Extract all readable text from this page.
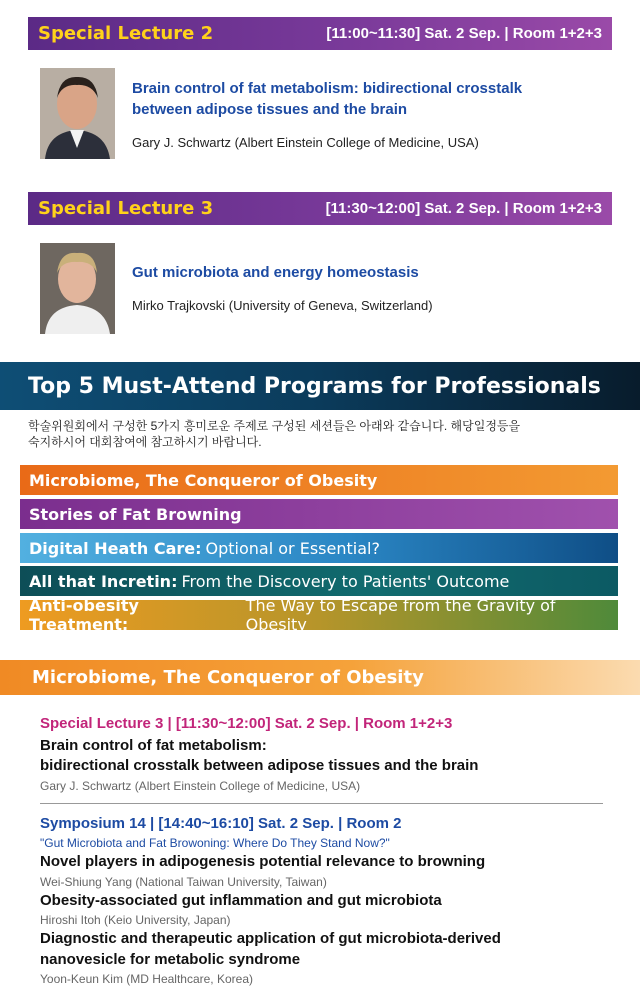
Special Lecture 2	[11:00~11:30] Sat. 2 Sep. | Room 1+2+3
Brain control of fat metabolism: bidirectional crosstalk
between adipose tissues and the brain
Gary J. Schwartz (Albert Einstein College of Medicine, USA)
Special Lecture 3	[11:30~12:00] Sat. 2 Sep. | Room 1+2+3
Gut microbiota and energy homeostasis
Mirko Trajkovski (University of Geneva, Switzerland)
Top 5 Must-Attend Programs for Professionals
학술위원회에서 구성한 5가지 흥미로운 주제로 구성된 세션들은 아래와 같습니다. 해당일정등을
숙지하시어 대회참여에 참고하시기 바랍니다.
Microbiome, The Conqueror of Obesity
Stories of Fat Browning
Digital Heath Care: Optional or Essential?
All that Incretin: From the Discovery to Patients' Outcome
Anti-obesity Treatment:
The Way to Escape from the Gravity of Obesity
Microbiome, The Conqueror of Obesity
Special Lecture 3 | [11:30~12:00] Sat. 2 Sep. | Room 1+2+3
Brain control of fat metabolism:
bidirectional crosstalk between adipose tissues and the brain
Gary J. Schwartz (Albert Einstein College of Medicine, USA)
Symposium 14 | [14:40~16:10] Sat. 2 Sep. | Room 2
"Gut Microbiota and Fat Browoning: Where Do They Stand Now?"
Novel players in adipogenesis potential relevance to browning
Wei-Shiung Yang (National Taiwan University, Taiwan)
Obesity-associated gut inflammation and gut microbiota
Hiroshi Itoh (Keio University, Japan)
Diagnostic and therapeutic application of gut microbiota-derived
nanovesicle for metabolic syndrome
Yoon-Keun Kim (MD Healthcare, Korea)
